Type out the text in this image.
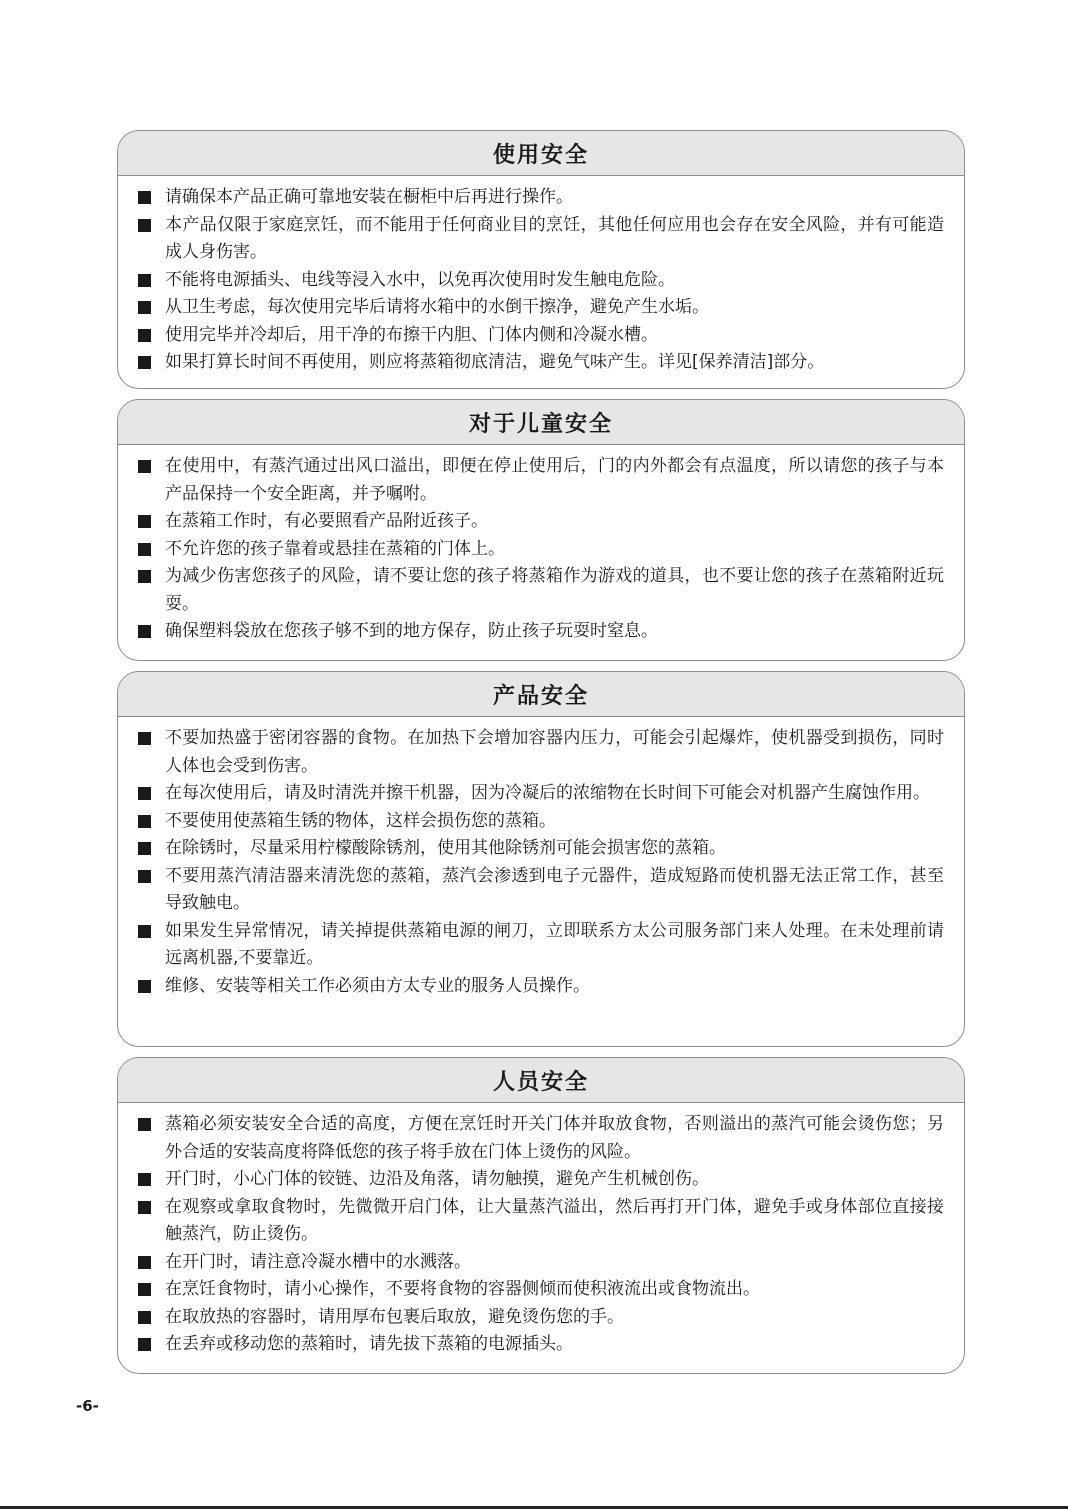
使用安全
请确保本产品正确可靠地安装在橱柜中后再进行操作。
本产品仅限于家庭烹饪，而不能用于任何商业目的烹饪，其他任何应用也会存在安全风险，并有可能造成人身伤害。
不能将电源插头、电线等浸入水中，以免再次使用时发生触电危险。
从卫生考虑，每次使用完毕后请将水箱中的水倒干擦净，避免产生水垢。
使用完毕并冷却后，用干净的布擦干内胆、门体内侧和冷凝水槽。
如果打算长时间不再使用，则应将蒸箱彻底清洁，避免气味产生。详见[保养清洁]部分。
对于儿童安全
在使用中，有蒸汽通过出风口溢出，即便在停止使用后，门的内外都会有点温度，所以请您的孩子与本产品保持一个安全距离，并予嘱咐。
在蒸箱工作时，有必要照看产品附近孩子。
不允许您的孩子靠着或悬挂在蒸箱的门体上。
为减少伤害您孩子的风险，请不要让您的孩子将蒸箱作为游戏的道具，也不要让您的孩子在蒸箱附近玩耍。
确保塑料袋放在您孩子够不到的地方保存，防止孩子玩耍时窒息。
产品安全
不要加热盛于密闭容器的食物。在加热下会增加容器内压力，可能会引起爆炸，使机器受到损伤，同时人体也会受到伤害。
在每次使用后，请及时清洗并擦干机器，因为冷凝后的浓缩物在长时间下可能会对机器产生腐蚀作用。
不要使用使蒸箱生锈的物体，这样会损伤您的蒸箱。
在除锈时，尽量采用柠檬酸除锈剂，使用其他除锈剂可能会损害您的蒸箱。
不要用蒸汽清洁器来清洗您的蒸箱，蒸汽会渗透到电子元器件，造成短路而使机器无法正常工作，甚至导致触电。
如果发生异常情况，请关掉提供蒸箱电源的闸刀，立即联系方太公司服务部门来人处理。在未处理前请远离机器,不要靠近。
维修、安装等相关工作必须由方太专业的服务人员操作。
人员安全
蒸箱必须安装安全合适的高度，方便在烹饪时开关门体并取放食物，否则溢出的蒸汽可能会烫伤您；另外合适的安装高度将降低您的孩子将手放在门体上烫伤的风险。
开门时，小心门体的铰链、边沿及角落，请勿触摸，避免产生机械创伤。
在观察或拿取食物时，先微微开启门体，让大量蒸汽溢出，然后再打开门体，避免手或身体部位直接接触蒸汽，防止烫伤。
在开门时，请注意冷凝水槽中的水溅落。
在烹饪食物时，请小心操作，不要将食物的容器侧倾而使积液流出或食物流出。
在取放热的容器时，请用厚布包裹后取放，避免烫伤您的手。
在丢弃或移动您的蒸箱时，请先拔下蒸箱的电源插头。
-6-
